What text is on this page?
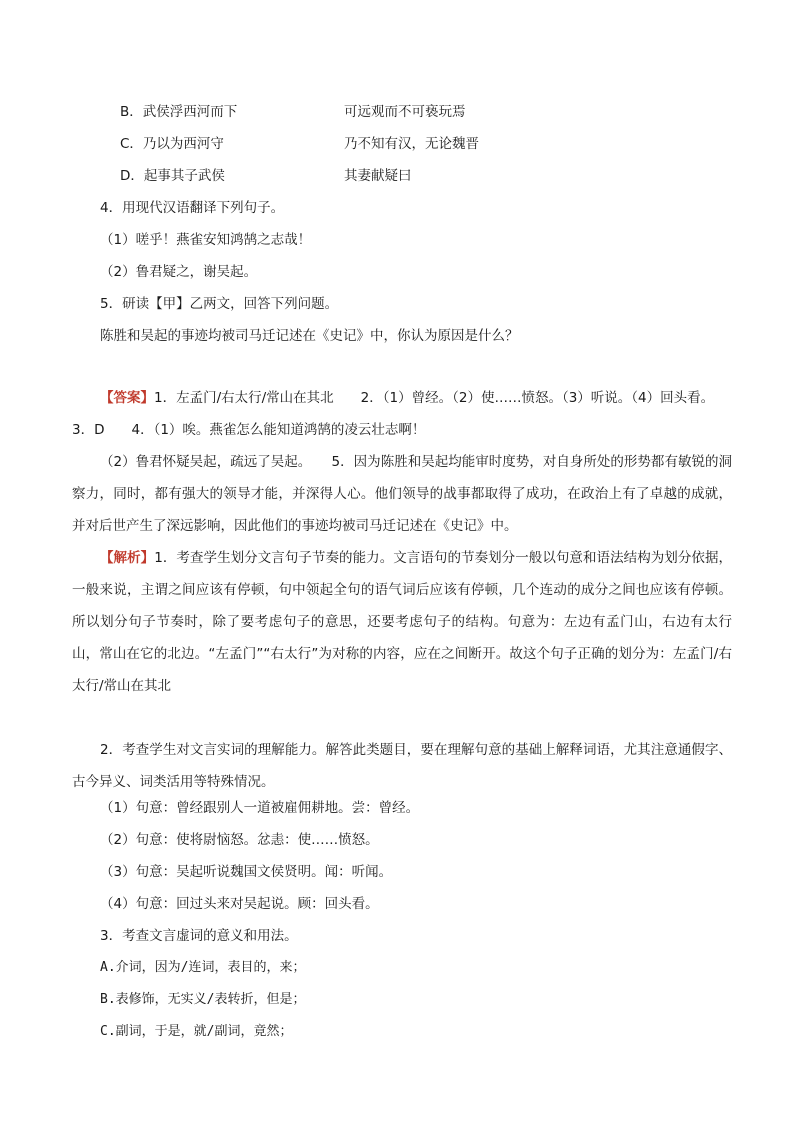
B．武侯浮西河而下	可远观而不可亵玩焉
C．乃以为西河守	乃不知有汉，无论魏晋
D．起事其子武侯	其妻献疑曰
4．用现代汉语翻译下列句子。
（1）嗟乎！燕雀安知鸿鹄之志哉！
（2）鲁君疑之，谢吴起。
5．研读【甲】乙两文，回答下列问题。
陈胜和吴起的事迹均被司马迁记述在《史记》中，你认为原因是什么？
【答案】1．左孟门/右太行/常山在其北　　2．（1）曾经。（2）使……愤怒。（3）听说。（4）回头看。
3．D　　4．（1）唉。燕雀怎么能知道鸿鹄的凌云壮志啊！
（2）鲁君怀疑吴起，疏远了吴起。　　5．因为陈胜和吴起均能审时度势，对自身所处的形势都有敏锐的洞察力，同时，都有强大的领导才能，并深得人心。他们领导的战事都取得了成功，在政治上有了卓越的成就，并对后世产生了深远影响，因此他们的事迹均被司马迁记述在《史记》中。
【解析】1．考查学生划分文言句子节奏的能力。文言语句的节奏划分一般以句意和语法结构为划分依据，一般来说，主谓之间应该有停顿，句中领起全句的语气词后应该有停顿，几个连动的成分之间也应该有停顿。所以划分句子节奏时，除了要考虑句子的意思，还要考虑句子的结构。句意为：左边有孟门山，右边有太行山，常山在它的北边。“左孟门”“右太行”为对称的内容，应在之间断开。故这个句子正确的划分为：左孟门/右太行/常山在其北
2．考查学生对文言实词的理解能力。解答此类题目，要在理解句意的基础上解释词语，尤其注意通假字、古今异义、词类活用等特殊情况。
（1）句意：曾经跟别人一道被雇佣耕地。尝：曾经。
（2）句意：使将尉恼怒。忿恚：使……愤怒。
（3）句意：吴起听说魏国文侯贤明。闻：听闻。
（4）句意：回过头来对吴起说。顾：回头看。
3．考查文言虚词的意义和用法。
A.介词，因为/连词，表目的，来；
B.表修饰，无实义/表转折，但是；
C.副词，于是，就/副词，竟然；
